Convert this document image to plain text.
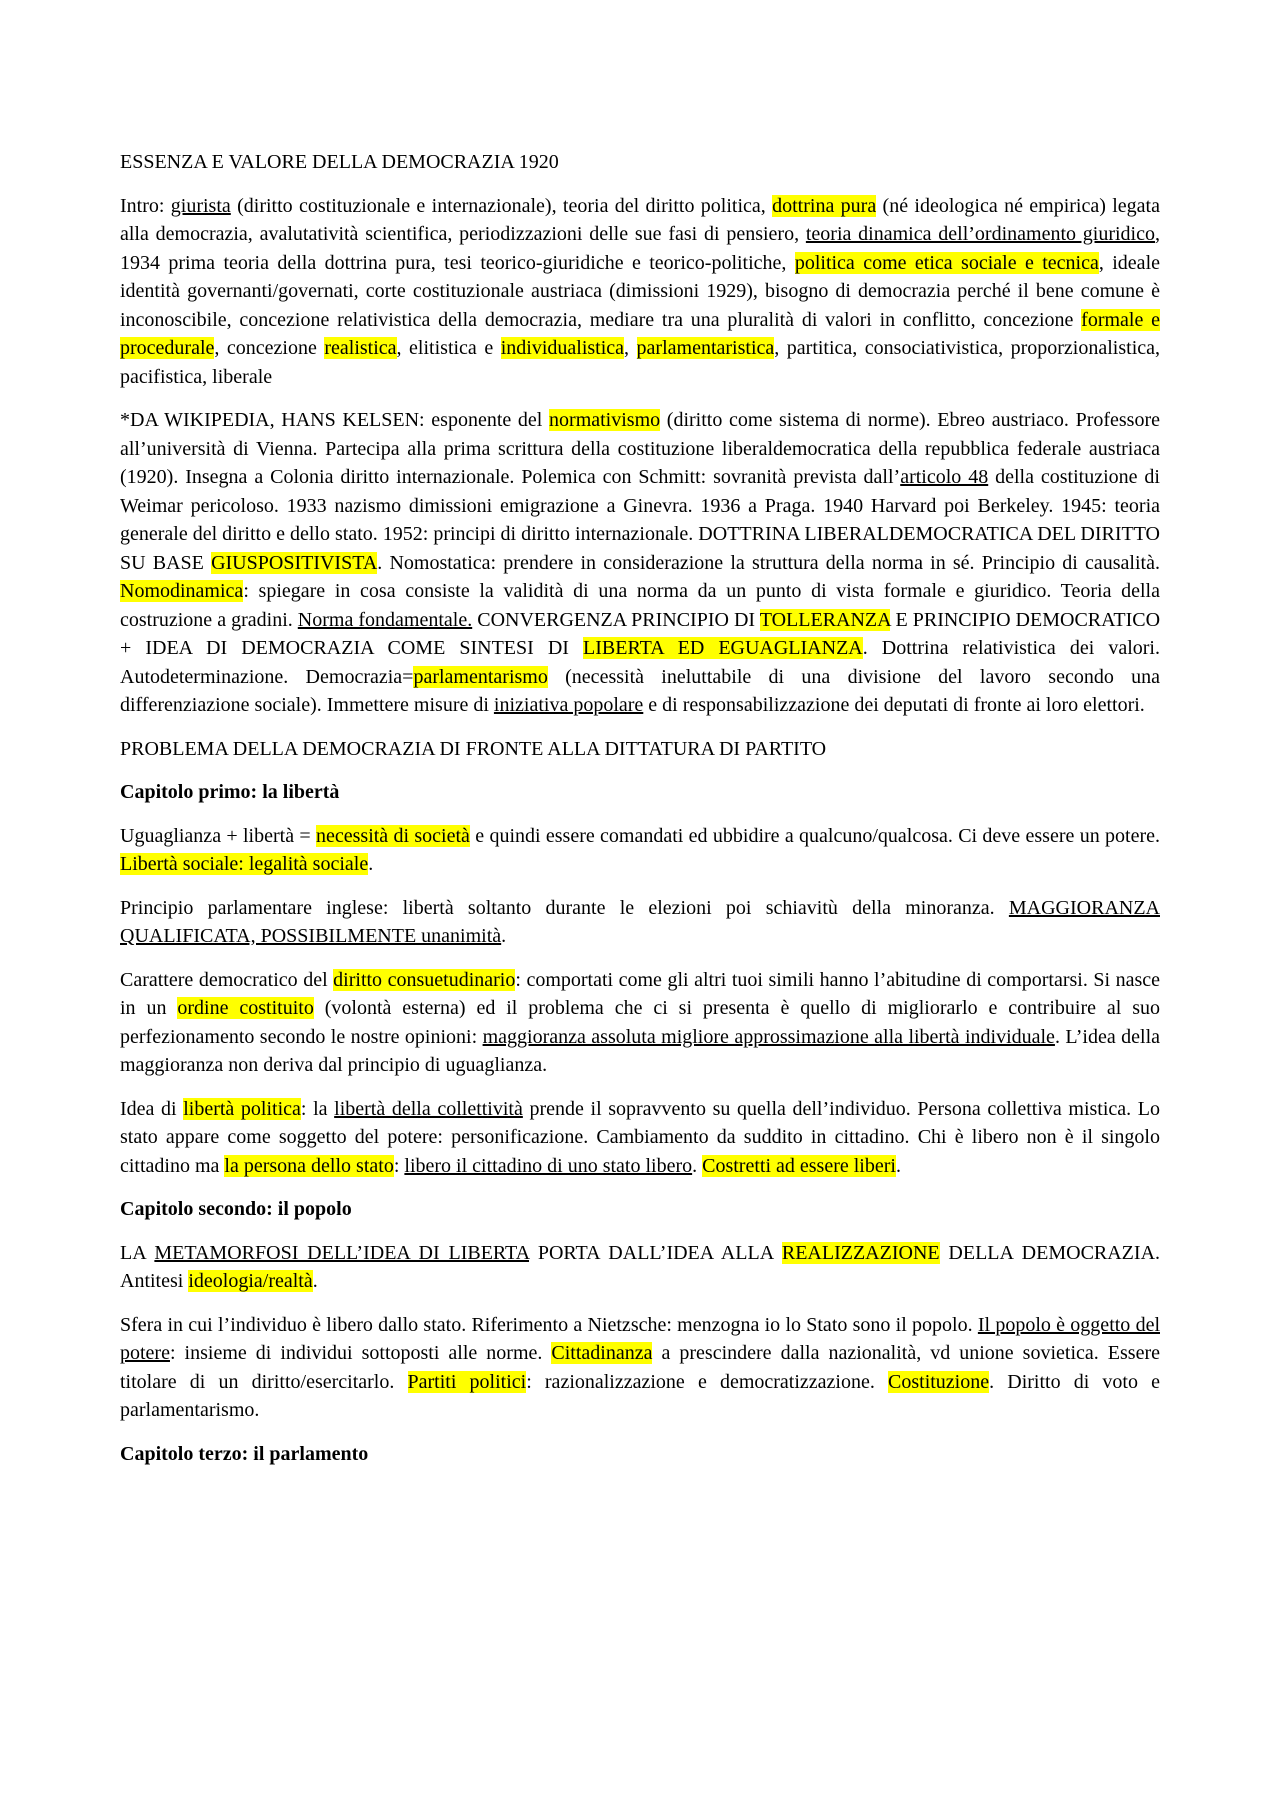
ESSENZA E VALORE DELLA DEMOCRAZIA 1920

Intro: giurista (diritto costituzionale e internazionale), teoria del diritto politica, dottrina pura (né ideologica né empirica) legata alla democrazia, avalutatività scientifica, periodizzazioni delle sue fasi di pensiero, teoria dinamica dell’ordinamento giuridico, 1934 prima teoria della dottrina pura, tesi teorico-giuridiche e teorico-politiche, politica come etica sociale e tecnica, ideale identità governanti/governati, corte costituzionale austriaca (dimissioni 1929), bisogno di democrazia perché il bene comune è inconoscibile, concezione relativistica della democrazia, mediare tra una pluralità di valori in conflitto, concezione formale e procedurale, concezione realistica, elitistica e individualistica, parlamentaristica, partitica, consociativistica, proporzionalistica, pacifistica, liberale

*DA WIKIPEDIA, HANS KELSEN: esponente del normativismo (diritto come sistema di norme). Ebreo austriaco. Professore all’università di Vienna. Partecipa alla prima scrittura della costituzione liberaldemocratica della repubblica federale austriaca (1920). Insegna a Colonia diritto internazionale. Polemica con Schmitt: sovranità prevista dall’articolo 48 della costituzione di Weimar pericoloso. 1933 nazismo dimissioni emigrazione a Ginevra. 1936 a Praga. 1940 Harvard poi Berkeley. 1945: teoria generale del diritto e dello stato. 1952: principi di diritto internazionale. DOTTRINA LIBERALDEMOCRATICA DEL DIRITTO SU BASE GIUSPOSITIVISTA. Nomostatica: prendere in considerazione la struttura della norma in sé. Principio di causalità. Nomodinamica: spiegare in cosa consiste la validità di una norma da un punto di vista formale e giuridico. Teoria della costruzione a gradini. Norma fondamentale. CONVERGENZA PRINCIPIO DI TOLLERANZA E PRINCIPIO DEMOCRATICO + IDEA DI DEMOCRAZIA COME SINTESI DI LIBERTA ED EGUAGLIANZA. Dottrina relativistica dei valori. Autodeterminazione. Democrazia=parlamentarismo (necessità ineluttabile di una divisione del lavoro secondo una differenziazione sociale). Immettere misure di iniziativa popolare e di responsabilizzazione dei deputati di fronte ai loro elettori.

PROBLEMA DELLA DEMOCRAZIA DI FRONTE ALLA DITTATURA DI PARTITO

Capitolo primo: la libertà

Uguaglianza + libertà = necessità di società e quindi essere comandati ed ubbidire a qualcuno/qualcosa. Ci deve essere un potere. Libertà sociale: legalità sociale.

Principio parlamentare inglese: libertà soltanto durante le elezioni poi schiavitù della minoranza. MAGGIORANZA QUALIFICATA, POSSIBILMENTE unanimità.

Carattere democratico del diritto consuetudinario: comportati come gli altri tuoi simili hanno l’abitudine di comportarsi. Si nasce in un ordine costituito (volontà esterna) ed il problema che ci si presenta è quello di migliorarlo e contribuire al suo perfezionamento secondo le nostre opinioni: maggioranza assoluta migliore approssimazione alla libertà individuale. L’idea della maggioranza non deriva dal principio di uguaglianza.

Idea di libertà politica: la libertà della collettività prende il sopravvento su quella dell’individuo. Persona collettiva mistica. Lo stato appare come soggetto del potere: personificazione. Cambiamento da suddito in cittadino. Chi è libero non è il singolo cittadino ma la persona dello stato: libero il cittadino di uno stato libero. Costretti ad essere liberi.

Capitolo secondo: il popolo

LA METAMORFOSI DELL’IDEA DI LIBERTA PORTA DALL’IDEA ALLA REALIZZAZIONE DELLA DEMOCRAZIA. Antitesi ideologia/realtà.

Sfera in cui l’individuo è libero dallo stato. Riferimento a Nietzsche: menzogna io lo Stato sono il popolo. Il popolo è oggetto del potere: insieme di individui sottoposti alle norme. Cittadinanza a prescindere dalla nazionalità, vd unione sovietica. Essere titolare di un diritto/esercitarlo. Partiti politici: razionalizzazione e democratizzazione. Costituzione. Diritto di voto e parlamentarismo.

Capitolo terzo: il parlamento
